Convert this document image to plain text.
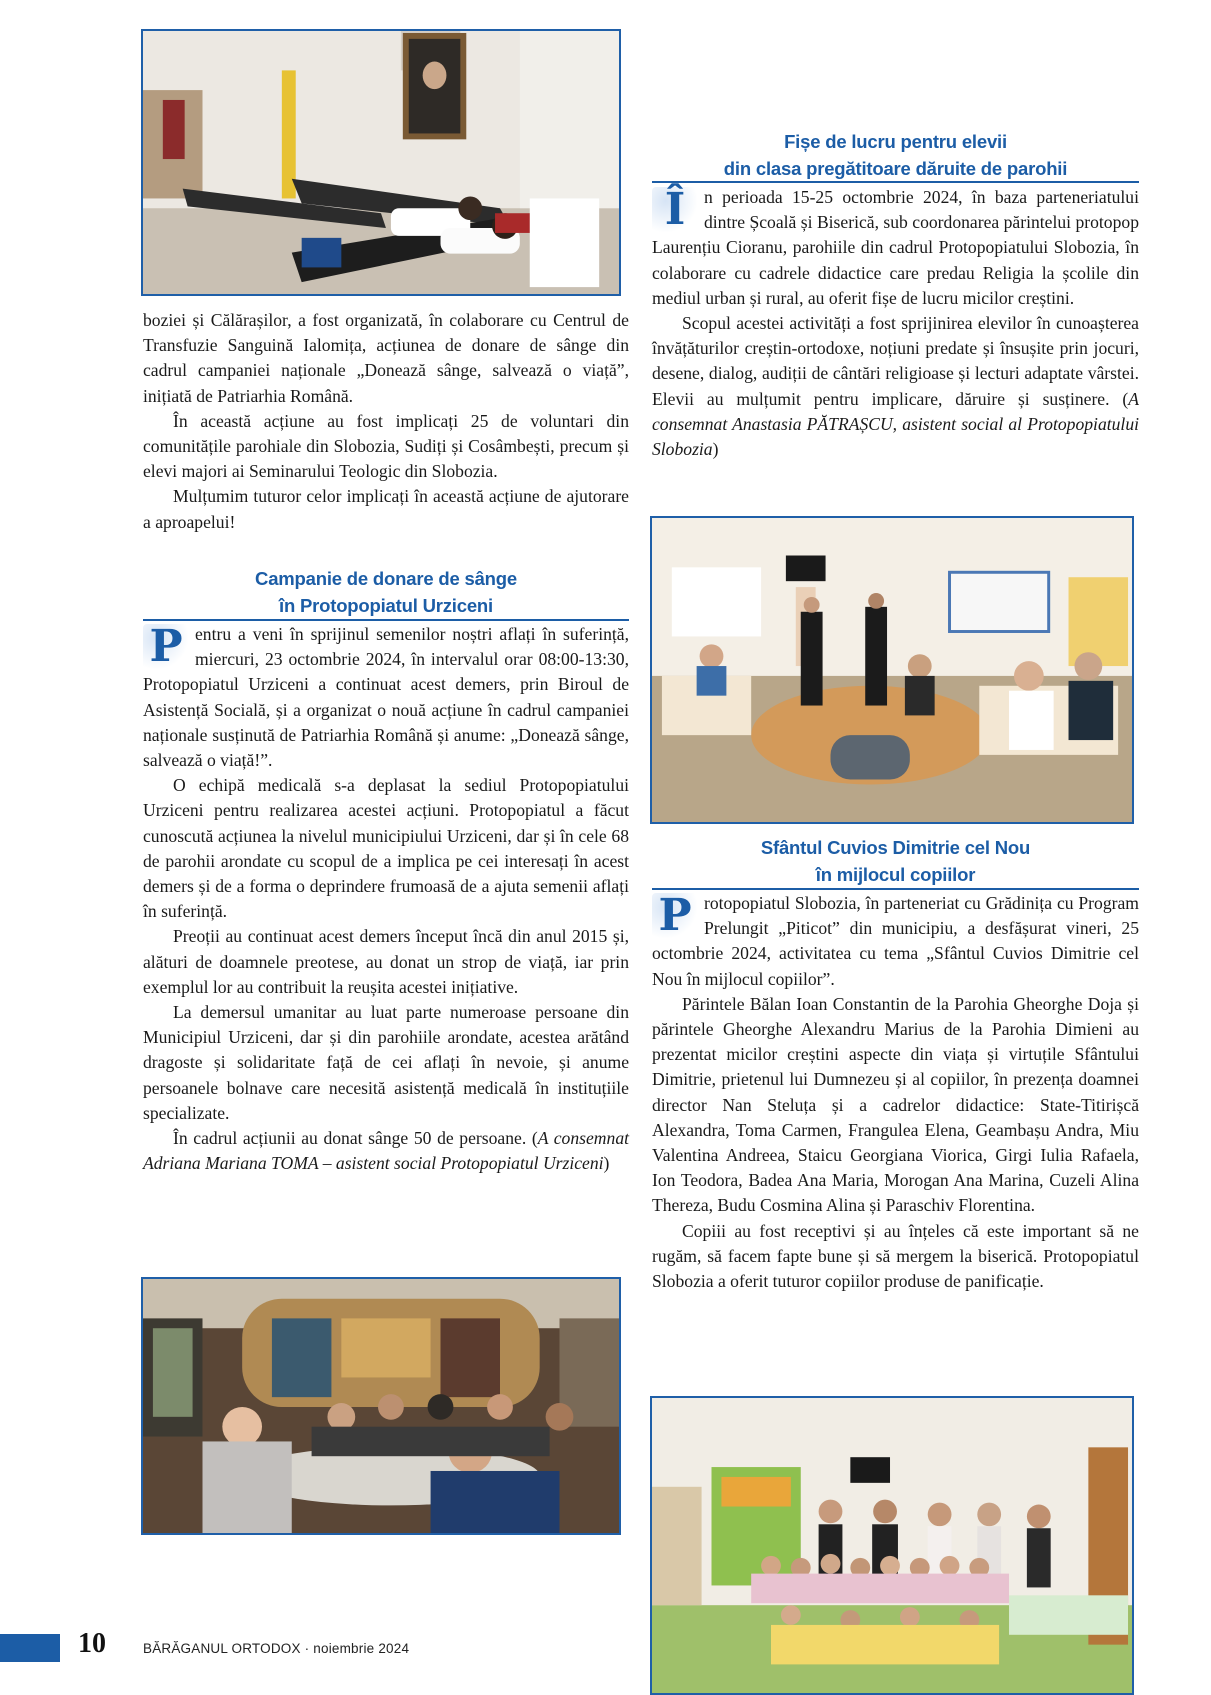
boziei și Călărașilor, a fost organizată, în colaborare cu Centrul de Transfuzie Sanguină Ialomița, acțiunea de donare de sânge din cadrul campaniei naționale „Donează sânge, salvează o viață”, inițiată de Patriarhia Română.

În această acțiune au fost implicați 25 de voluntari din comunitățile parohiale din Slobozia, Sudiți și Cosâmbești, precum și elevi majori ai Seminarului Teologic din Slobozia.

Mulțumim tuturor celor implicați în această acțiune de ajutorare a aproapelui!

Campanie de donare de sânge
în Protopopiatul Urziceni

P entru a veni în sprijinul semenilor noștri aflați în suferință, miercuri, 23 octombrie 2024, în intervalul orar 08:00-13:30, Protopopiatul Urziceni a continuat acest demers, prin Biroul de Asistență Socială, și a organizat o nouă acțiune în cadrul campaniei naționale susținută de Patriarhia Română și anume: „Donează sânge, salvează o viață!”.

O echipă medicală s-a deplasat la sediul Protopopiatului Urziceni pentru realizarea acestei acțiuni. Protopopiatul a făcut cunoscută acțiunea la nivelul municipiului Urziceni, dar și în cele 68 de parohii arondate cu scopul de a implica pe cei interesați în acest demers și de a forma o deprindere frumoasă de a ajuta semenii aflați în suferință.

Preoții au continuat acest demers început încă din anul 2015 și, alături de doamnele preotese, au donat un strop de viață, iar prin exemplul lor au contribuit la reușita acestei inițiative.

La demersul umanitar au luat parte numeroase persoane din Municipiul Urziceni, dar și din parohiile arondate, acestea arătând dragoste și solidaritate față de cei aflați în nevoie, și anume persoanele bolnave care necesită asistență medicală în instituțiile specializate.

În cadrul acțiunii au donat sânge 50 de persoane. (A consemnat Adriana Mariana TOMA – asistent social Protopopiatul Urziceni)

Fișe de lucru pentru elevii
din clasa pregătitoare dăruite de parohii

Î	n perioada 15-25 octombrie 2024, în baza parteneriatului dintre Școală și Biserică, sub coordonarea părintelui protopop Laurențiu Cioranu, parohiile din cadrul Protopopiatului Slobozia, în colaborare cu cadrele didactice care predau Religia la școlile din mediul urban și rural, au oferit fișe de lucru micilor creștini.

Scopul acestei activități a fost sprijinirea elevilor în cunoașterea învățăturilor creștin-ortodoxe, noțiuni predate și însușite prin jocuri, desene, dialog, audiții de cântări religioase și lecturi adaptate vârstei. Elevii au mulțumit pentru implicare, dăruire și susținere. (A consemnat Anastasia PĂTRAȘCU, asistent social al Protopopiatului Slobozia)

Sfântul Cuvios Dimitrie cel Nou
în mijlocul copiilor

P rotopopiatul Slobozia, în parteneriat cu Grădinița cu Program Prelungit „Piticot” din municipiu, a desfășurat vineri, 25 octombrie 2024, activitatea cu tema „Sfântul Cuvios Dimitrie cel Nou în mijlocul copiilor”.

Părintele Bălan Ioan Constantin de la Parohia Gheorghe Doja și părintele Gheorghe Alexandru Marius de la Parohia Dimieni au prezentat micilor creștini aspecte din viața și virtuțile Sfântului Dimitrie, prietenul lui Dumnezeu și al copiilor, în prezența doamnei director Nan Steluța și a cadrelor didactice: State-Titirișcă Alexandra, Toma Carmen, Frangulea Elena, Geambașu Andra, Miu Valentina Andreea, Staicu Georgiana Viorica, Girgi Iulia Rafaela, Ion Teodora, Badea Ana Maria, Morogan Ana Marina, Cuzeli Alina Thereza, Budu Cosmina Alina și Paraschiv Florentina.

Copiii au fost receptivi și au înțeles că este important să ne rugăm, să facem fapte bune și să mergem la biserică. Protopopiatul Slobozia a oferit tuturor copiilor produse de panificație.

10	BĂRĂGANUL ORTODOX · noiembrie 2024
